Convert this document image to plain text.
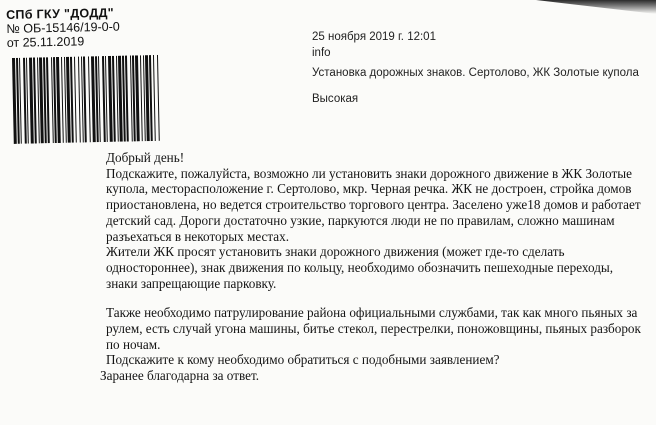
СПб ГКУ "ДОДД"
№ ОБ-15146/19-0-0
от 25.11.2019	25 ноября 2019 г. 12:01
info
Установка дорожных знаков. Сертолово, ЖК Золотые купола
Высокая

Добрый день!

Подскажите, пожалуйста, возможно ли установить знаки дорожного движение в ЖК Золотые купола, месторасположение г. Сертолово, мкр. Черная речка. ЖК не достроен, стройка домов приостановлена, но ведется строительство торгового центра. Заселено уже18 домов и работает детский сад. Дороги достаточно узкие, паркуются люди не по правилам, сложно машинам разъехаться в некоторых местах.

Жители ЖК просят установить знаки дорожного движения (может где-то сделать одностороннее), знак движения по кольцу, необходимо обозначить пешеходные переходы, знаки запрещающие парковку.

Также необходимо патрулирование района официальными службами, так как много пьяных за рулем, есть случай угона машины, битье стекол, перестрелки, поножовщины, пьяных разборок по ночам.

Подскажите к кому необходимо обратиться с подобными заявлением?

Заранее благодарна за ответ.
